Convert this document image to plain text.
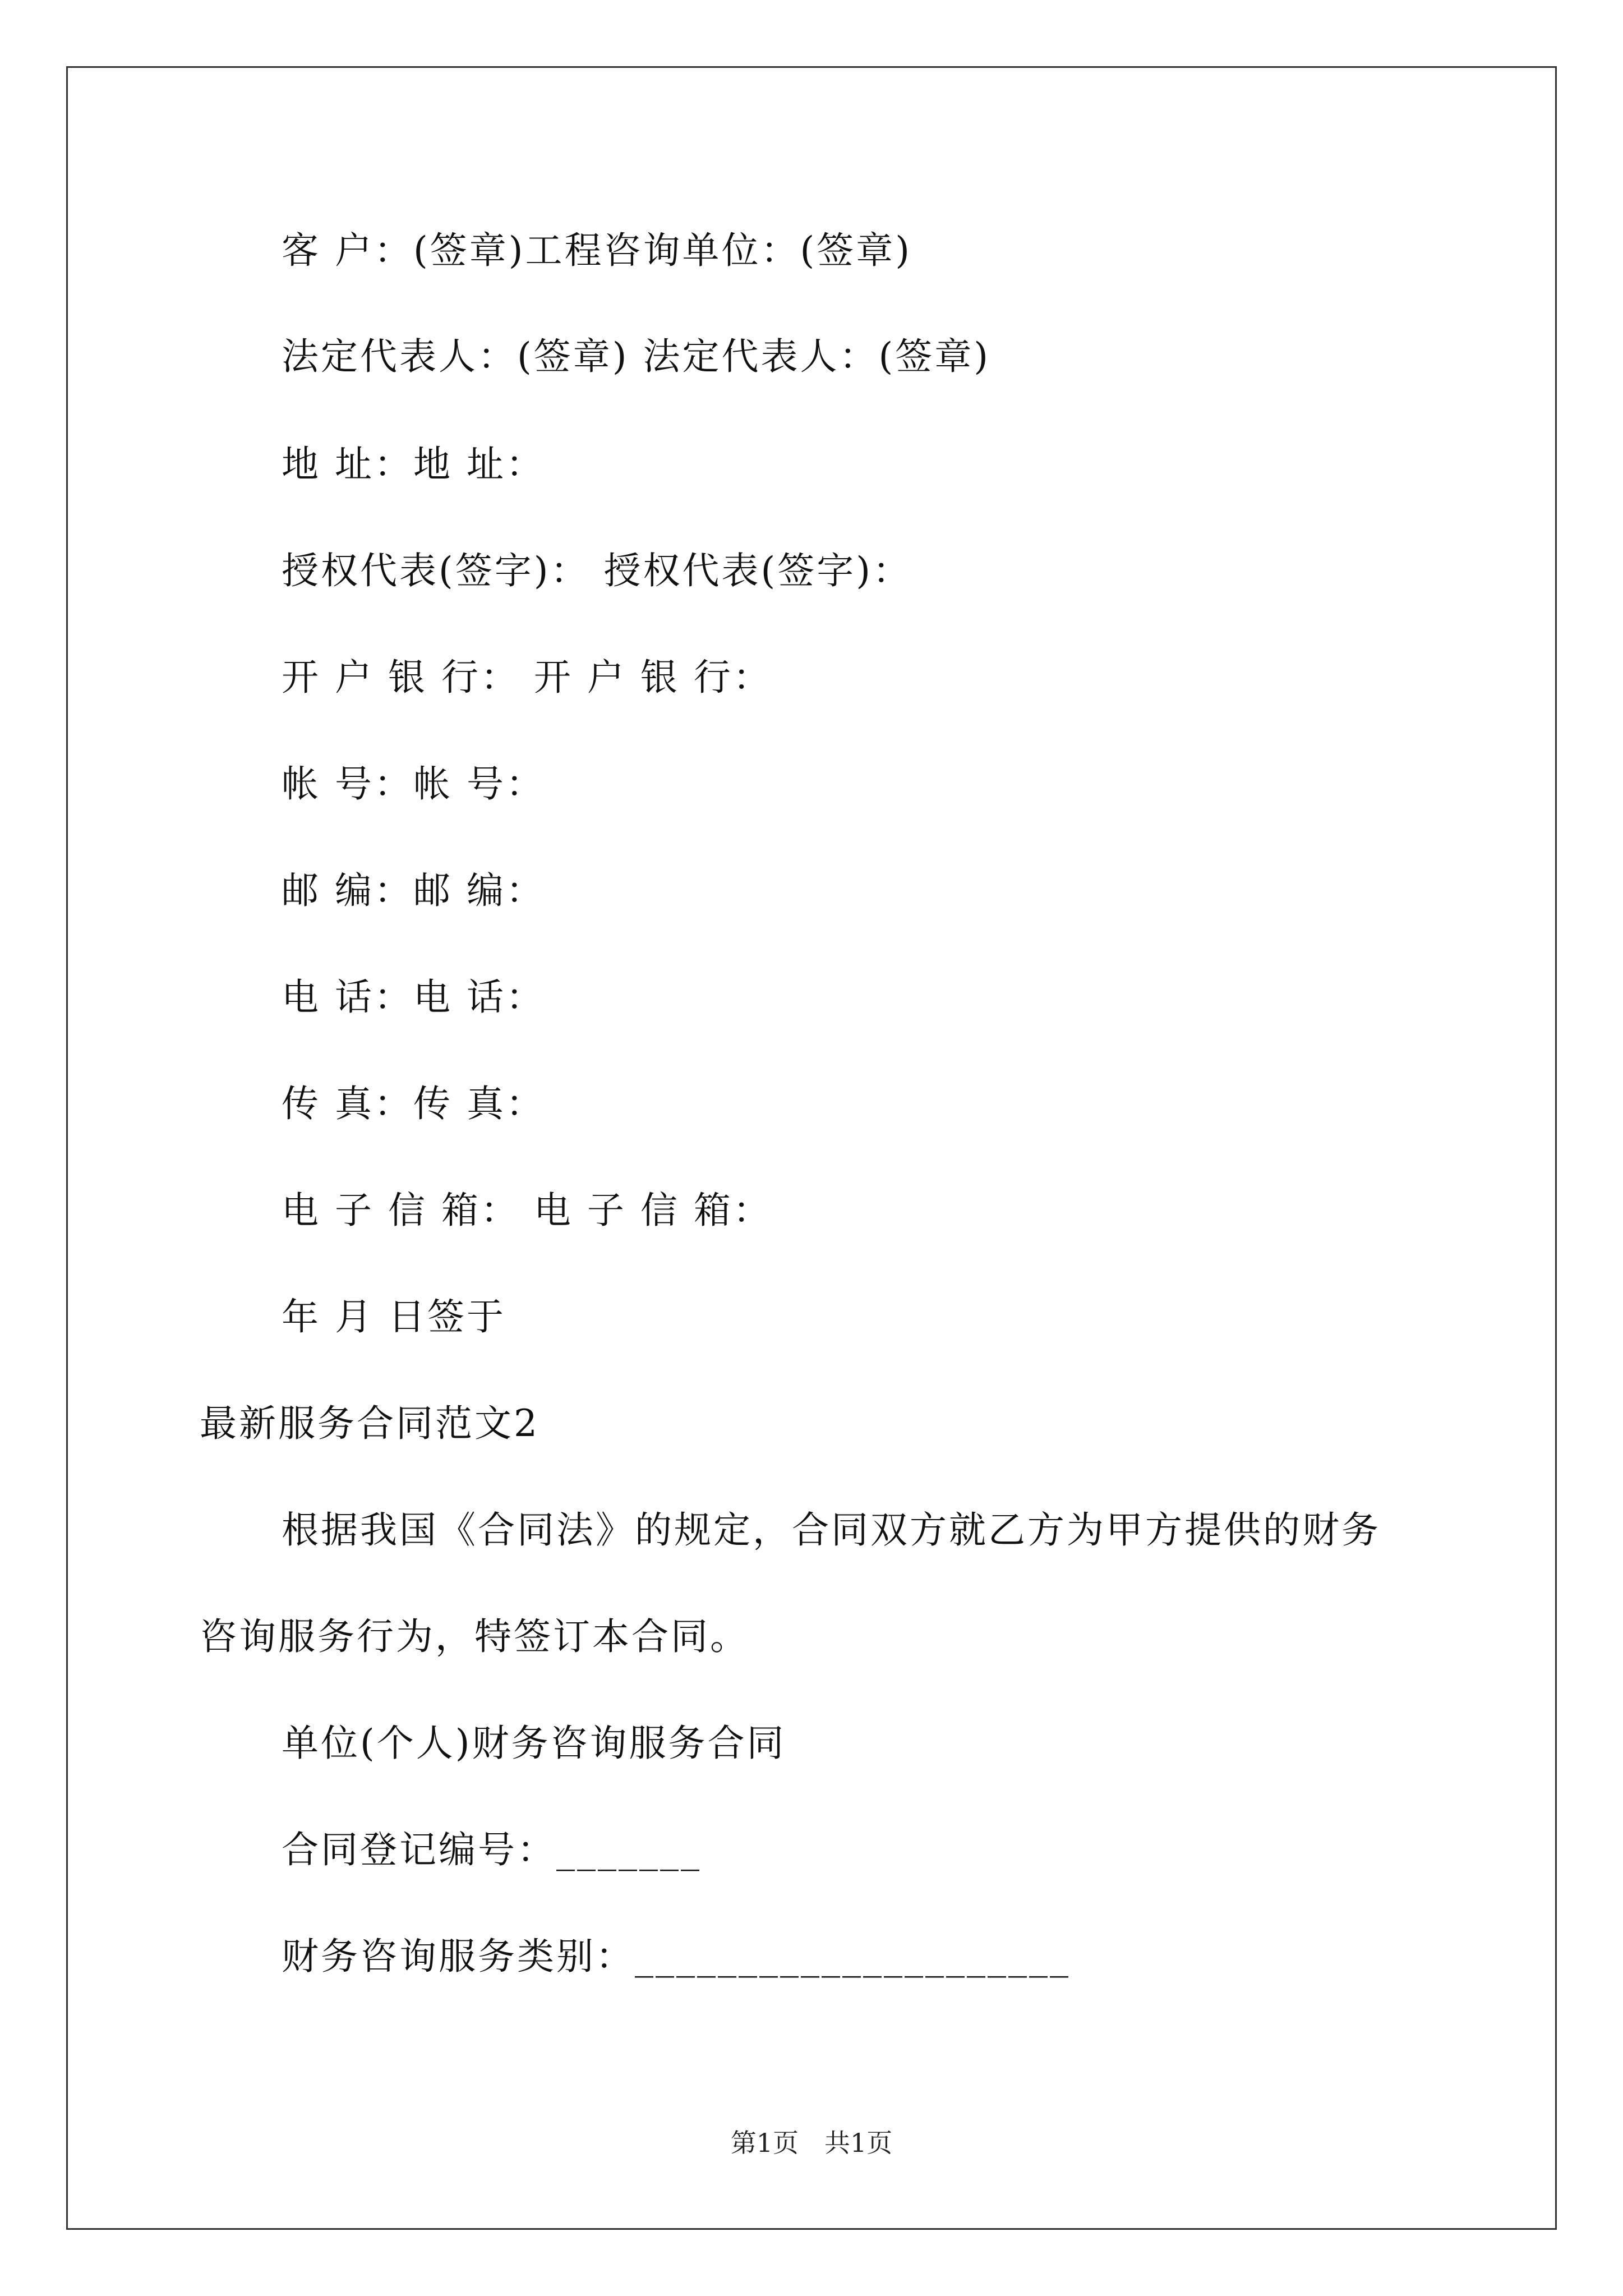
客 户：(签章)工程咨询单位：(签章)
法定代表人：(签章) 法定代表人：(签章)
地 址：地 址：
授权代表(签字)： 授权代表(签字)：
开 户 银 行： 开 户 银 行：
帐 号：帐 号：
邮 编：邮 编：
电 话：电 话：
传 真：传 真：
电 子 信 箱： 电 子 信 箱：
年 月 日签于
最新服务合同范文2
根据我国《合同法》的规定，合同双方就乙方为甲方提供的财务
咨询服务行为，特签订本合同。
单位(个人)财务咨询服务合同
合同登记编号：_______
财务咨询服务类别：_____________________
第1页　共1页
